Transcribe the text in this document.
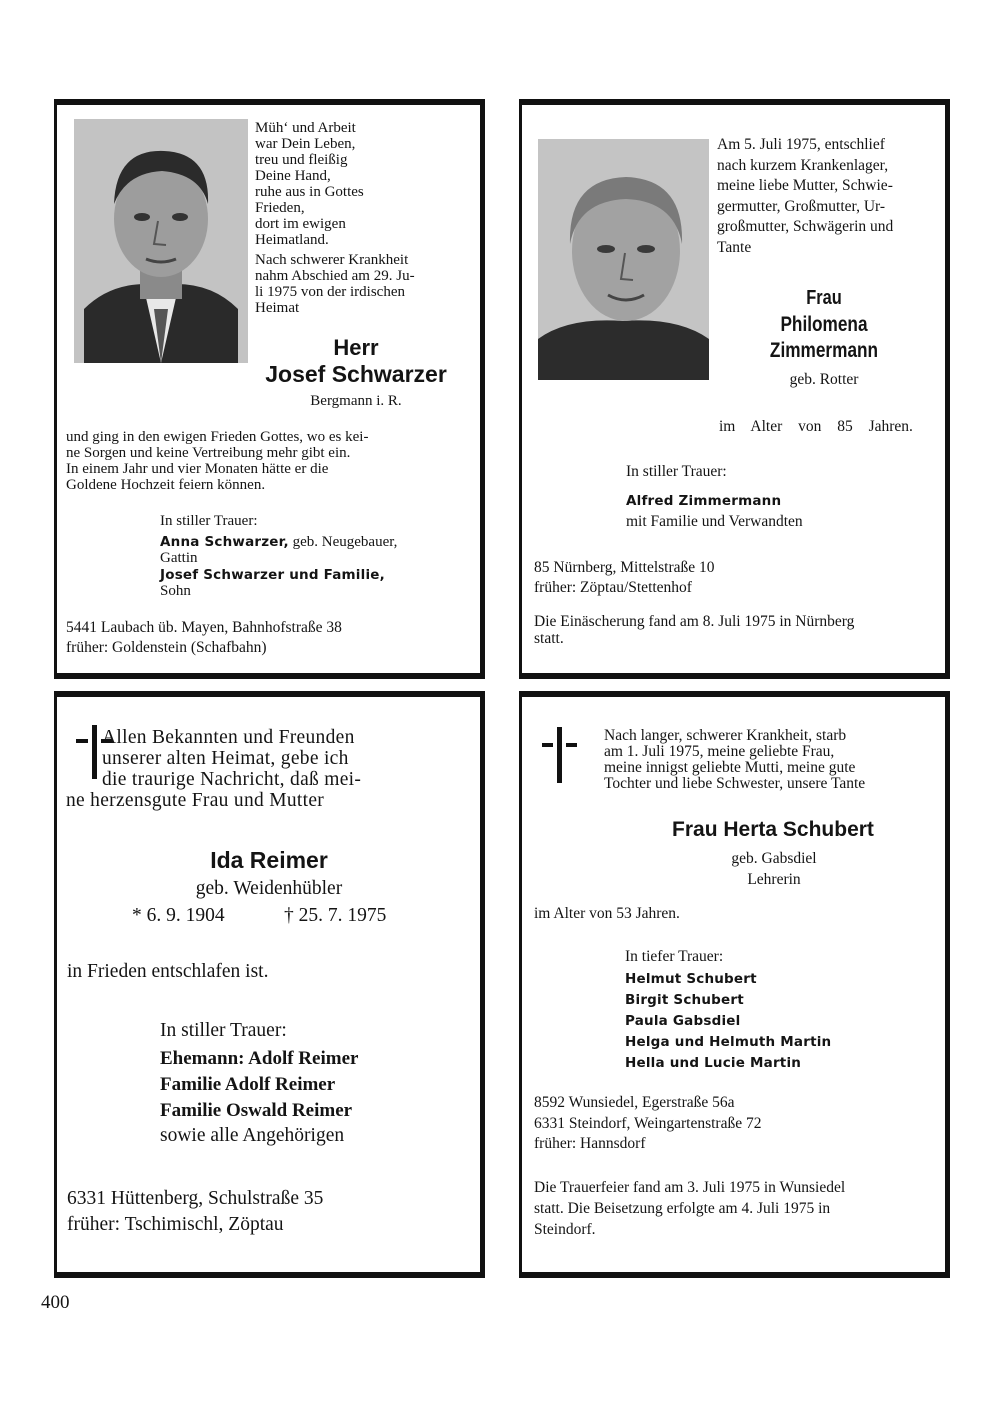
Müh‘ und Arbeit
war Dein Leben,
treu und fleißig
Deine Hand,
ruhe aus in Gottes
Frieden,
dort im ewigen
Heimatland.
Nach schwerer Krankheit
nahm Abschied am 29. Ju-
li 1975 von der irdischen
Heimat
Herr
Josef Schwarzer
Bergmann i. R.
und ging in den ewigen Frieden Gottes, wo es kei-
ne Sorgen und keine Vertreibung mehr gibt ein.
In einem Jahr und vier Monaten hätte er die
Goldene Hochzeit feiern können.
In stiller Trauer:
Anna Schwarzer, geb. Neugebauer,
Gattin
Josef Schwarzer und Familie,
Sohn
5441 Laubach üb. Mayen, Bahnhofstraße 38
früher: Goldenstein (Schafbahn)
Am 5. Juli 1975, entschlief
nach kurzem Krankenlager,
meine liebe Mutter, Schwie-
germutter, Großmutter, Ur-
großmutter, Schwägerin und
Tante
Frau
Philomena
Zimmermann
geb. Rotter
im Alter von 85 Jahren.
In stiller Trauer:
Alfred Zimmermann
mit Familie und Verwandten
85 Nürnberg, Mittelstraße 10
früher: Zöptau/Stettenhof
Die Einäscherung fand am 8. Juli 1975 in Nürnberg
statt.
Allen Bekannten und Freunden
unserer alten Heimat, gebe ich
die traurige Nachricht, daß mei-
ne herzensgute Frau und Mutter
Ida Reimer
geb. Weidenhübler
* 6. 9. 1904	† 25. 7. 1975
in Frieden entschlafen ist.
In stiller Trauer:
Ehemann: Adolf Reimer
Familie Adolf Reimer
Familie Oswald Reimer
sowie alle Angehörigen
6331 Hüttenberg, Schulstraße 35
früher: Tschimischl, Zöptau
Nach langer, schwerer Krankheit, starb
am 1. Juli 1975, meine geliebte Frau,
meine innigst geliebte Mutti, meine gute
Tochter und liebe Schwester, unsere Tante
Frau Herta Schubert
geb. Gabsdiel
Lehrerin
im Alter von 53 Jahren.
In tiefer Trauer:
Helmut Schubert
Birgit Schubert
Paula Gabsdiel
Helga und Helmuth Martin
Hella und Lucie Martin
8592 Wunsiedel, Egerstraße 56a
6331 Steindorf, Weingartenstraße 72
früher: Hannsdorf
Die Trauerfeier fand am 3. Juli 1975 in Wunsiedel
statt. Die Beisetzung erfolgte am 4. Juli 1975 in
Steindorf.
400
